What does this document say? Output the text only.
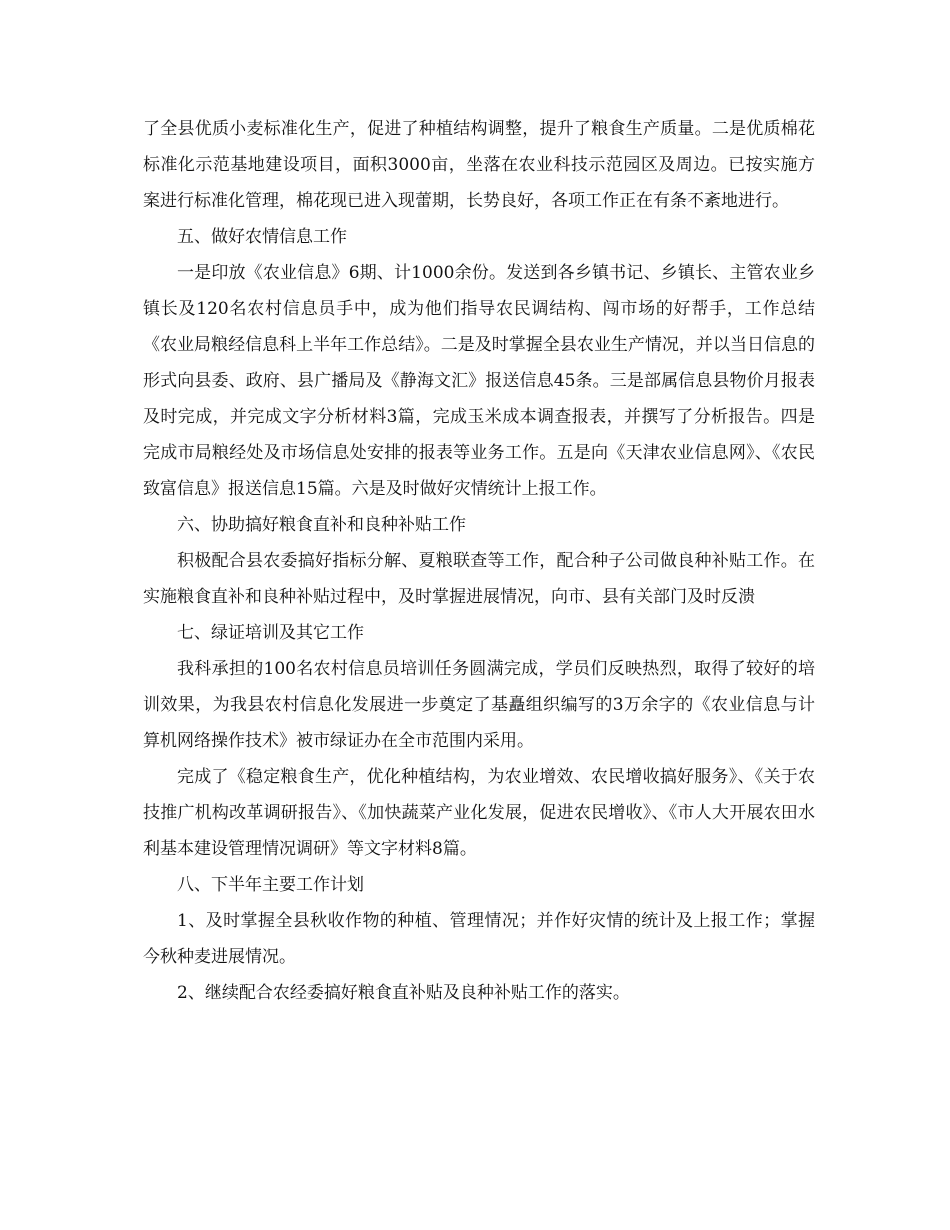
了全县优质小麦标准化生产，促进了种植结构调整，提升了粮食生产质量。二是优质棉花标准化示范基地建设项目，面积3000亩，坐落在农业科技示范园区及周边。已按实施方案进行标准化管理，棉花现已进入现蕾期，长势良好，各项工作正在有条不紊地进行。

五、做好农情信息工作

一是印放《农业信息》6期、计1000余份。发送到各乡镇书记、乡镇长、主管农业乡镇长及120名农村信息员手中，成为他们指导农民调结构、闯市场的好帮手，工作总结《农业局粮经信息科上半年工作总结》。二是及时掌握全县农业生产情况，并以当日信息的形式向县委、政府、县广播局及《静海文汇》报送信息45条。三是部属信息县物价月报表及时完成，并完成文字分析材料3篇，完成玉米成本调查报表，并撰写了分析报告。四是完成市局粮经处及市场信息处安排的报表等业务工作。五是向《天津农业信息网》、《农民致富信息》报送信息15篇。六是及时做好灾情统计上报工作。

六、协助搞好粮食直补和良种补贴工作

积极配合县农委搞好指标分解、夏粮联查等工作，配合种子公司做良种补贴工作。在实施粮食直补和良种补贴过程中，及时掌握进展情况，向市、县有关部门及时反溃

七、绿证培训及其它工作

我科承担的100名农村信息员培训任务圆满完成，学员们反映热烈，取得了较好的培训效果，为我县农村信息化发展进一步奠定了基矗组织编写的3万余字的《农业信息与计算机网络操作技术》被市绿证办在全市范围内采用。

完成了《稳定粮食生产，优化种植结构，为农业增效、农民增收搞好服务》、《关于农技推广机构改革调研报告》、《加快蔬菜产业化发展，促进农民增收》、《市人大开展农田水利基本建设管理情况调研》等文字材料8篇。

八、下半年主要工作计划

1、及时掌握全县秋收作物的种植、管理情况；并作好灾情的统计及上报工作；掌握今秋种麦进展情况。

2、继续配合农经委搞好粮食直补贴及良种补贴工作的落实。
